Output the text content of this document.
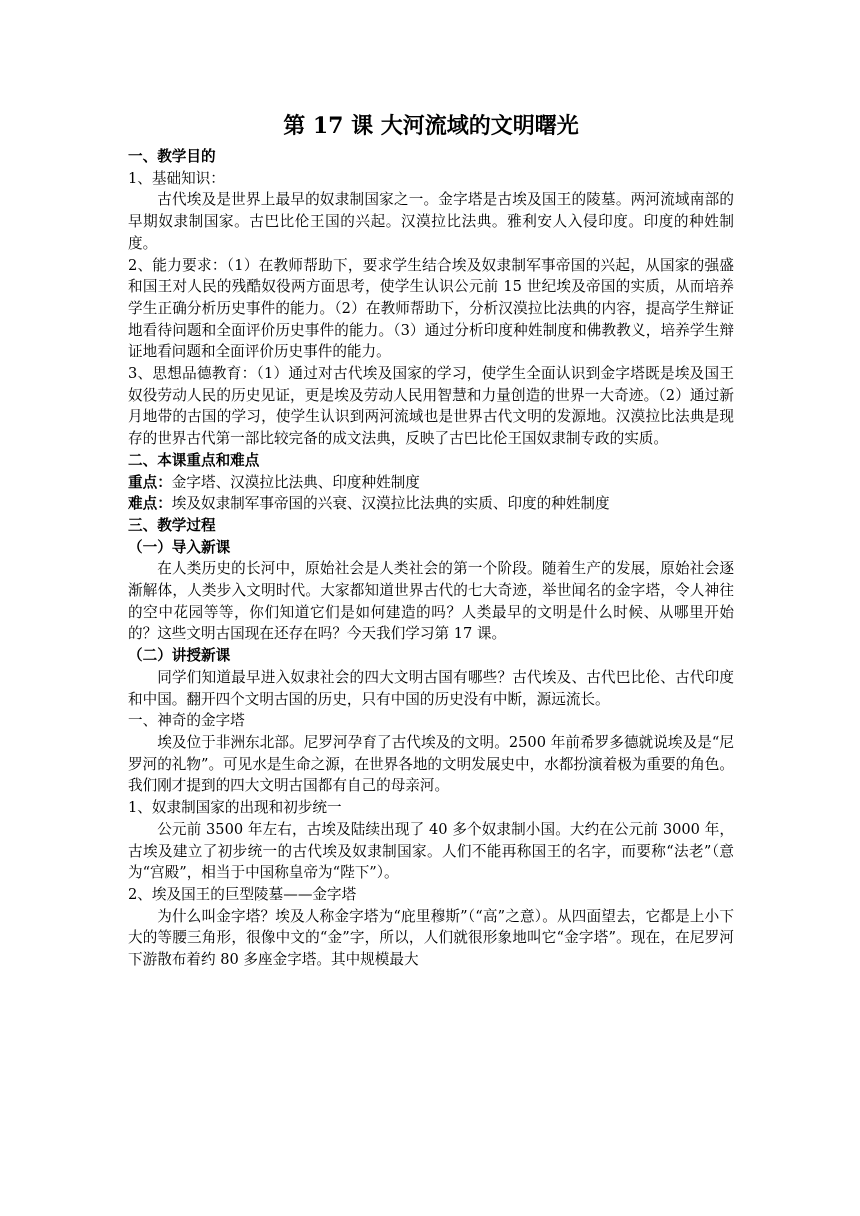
第 17 课 大河流域的文明曙光
一、教学目的
1、基础知识：
古代埃及是世界上最早的奴隶制国家之一。金字塔是古埃及国王的陵墓。两河流域南部的早期奴隶制国家。古巴比伦王国的兴起。汉漠拉比法典。雅利安人入侵印度。印度的种姓制度。
2、能力要求：（1）在教师帮助下，要求学生结合埃及奴隶制军事帝国的兴起，从国家的强盛和国王对人民的残酷奴役两方面思考，使学生认识公元前 15 世纪埃及帝国的实质，从而培养学生正确分析历史事件的能力。（2）在教师帮助下，分析汉漠拉比法典的内容，提高学生辩证地看待问题和全面评价历史事件的能力。（3）通过分析印度种姓制度和佛教教义，培养学生辩证地看问题和全面评价历史事件的能力。
3、思想品德教育：（1）通过对古代埃及国家的学习，使学生全面认识到金字塔既是埃及国王奴役劳动人民的历史见证，更是埃及劳动人民用智慧和力量创造的世界一大奇迹。（2）通过新月地带的古国的学习，使学生认识到两河流域也是世界古代文明的发源地。汉漠拉比法典是现存的世界古代第一部比较完备的成文法典，反映了古巴比伦王国奴隶制专政的实质。
二、本课重点和难点
重点：金字塔、汉漠拉比法典、印度种姓制度
难点：埃及奴隶制军事帝国的兴衰、汉漠拉比法典的实质、印度的种姓制度
三、教学过程
（一）导入新课
在人类历史的长河中，原始社会是人类社会的第一个阶段。随着生产的发展，原始社会逐渐解体，人类步入文明时代。大家都知道世界古代的七大奇迹，举世闻名的金字塔，令人神往的空中花园等等，你们知道它们是如何建造的吗？人类最早的文明是什么时候、从哪里开始的？这些文明古国现在还存在吗？今天我们学习第 17 课。
（二）讲授新课
同学们知道最早进入奴隶社会的四大文明古国有哪些？古代埃及、古代巴比伦、古代印度和中国。翻开四个文明古国的历史，只有中国的历史没有中断，源远流长。
一、神奇的金字塔
埃及位于非洲东北部。尼罗河孕育了古代埃及的文明。2500 年前希罗多德就说埃及是“尼罗河的礼物”。可见水是生命之源，在世界各地的文明发展史中，水都扮演着极为重要的角色。我们刚才提到的四大文明古国都有自己的母亲河。
1、奴隶制国家的出现和初步统一
公元前 3500 年左右，古埃及陆续出现了 40 多个奴隶制小国。大约在公元前 3000 年，古埃及建立了初步统一的古代埃及奴隶制国家。人们不能再称国王的名字，而要称“法老”（意为“宫殿”，相当于中国称皇帝为“陛下”）。
2、埃及国王的巨型陵墓——金字塔
为什么叫金字塔？埃及人称金字塔为“庇里穆斯”（“高”之意）。从四面望去，它都是上小下大的等腰三角形，很像中文的“金”字，所以，人们就很形象地叫它“金字塔”。现在，在尼罗河下游散布着约 80 多座金字塔。其中规模最大
